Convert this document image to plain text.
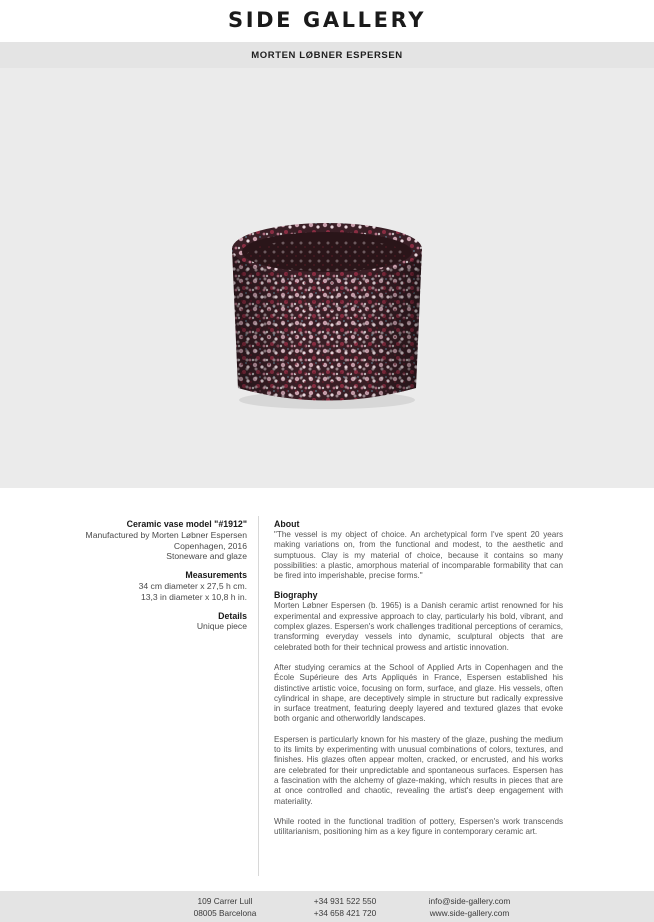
SIDE GALLERY
MORTEN LØBNER ESPERSEN
Ceramic vase model "#1912"
Manufactured by Morten Løbner Espersen
Copenhagen, 2016
Stoneware and glaze
Measurements
34 cm diameter x 27,5 h cm.
13,3 in diameter x 10,8 h in.
Details
Unique piece
About
"The vessel is my object of choice. An archetypical form I've spent 20 years making variations on, from the functional and modest, to the aesthetic and sumptuous. Clay is my material of choice, because it contains so many possibilities: a plastic, amorphous material of incomparable formability that can be fired into imperishable, precise forms."
Biography

Morten Løbner Espersen (b. 1965) is a Danish ceramic artist renowned for his experimental and expressive approach to clay, particularly his bold, vibrant, and complex glazes. Espersen's work challenges traditional perceptions of ceramics, transforming everyday vessels into dynamic, sculptural objects that are celebrated both for their technical prowess and artistic innovation.

After studying ceramics at the School of Applied Arts in Copenhagen and the École Supérieure des Arts Appliqués in France, Espersen established his distinctive artistic voice, focusing on form, surface, and glaze. His vessels, often cylindrical in shape, are deceptively simple in structure but radically expressive in surface treatment, featuring deeply layered and textured glazes that evoke both organic and otherworldly landscapes.

Espersen is particularly known for his mastery of the glaze, pushing the medium to its limits by experimenting with unusual combinations of colors, textures, and finishes. His glazes often appear molten, cracked, or encrusted, and his works are celebrated for their unpredictable and spontaneous surfaces. Espersen has a fascination with the alchemy of glaze-making, which results in pieces that are at once controlled and chaotic, revealing the artist's deep engagement with materiality.

While rooted in the functional tradition of pottery, Espersen's work transcends utilitarianism, positioning him as a key figure in contemporary ceramic art.

109 Carrer Lull
08005 Barcelona
+34 931 522 550
+34 658 421 720
info@side-gallery.com
www.side-gallery.com
